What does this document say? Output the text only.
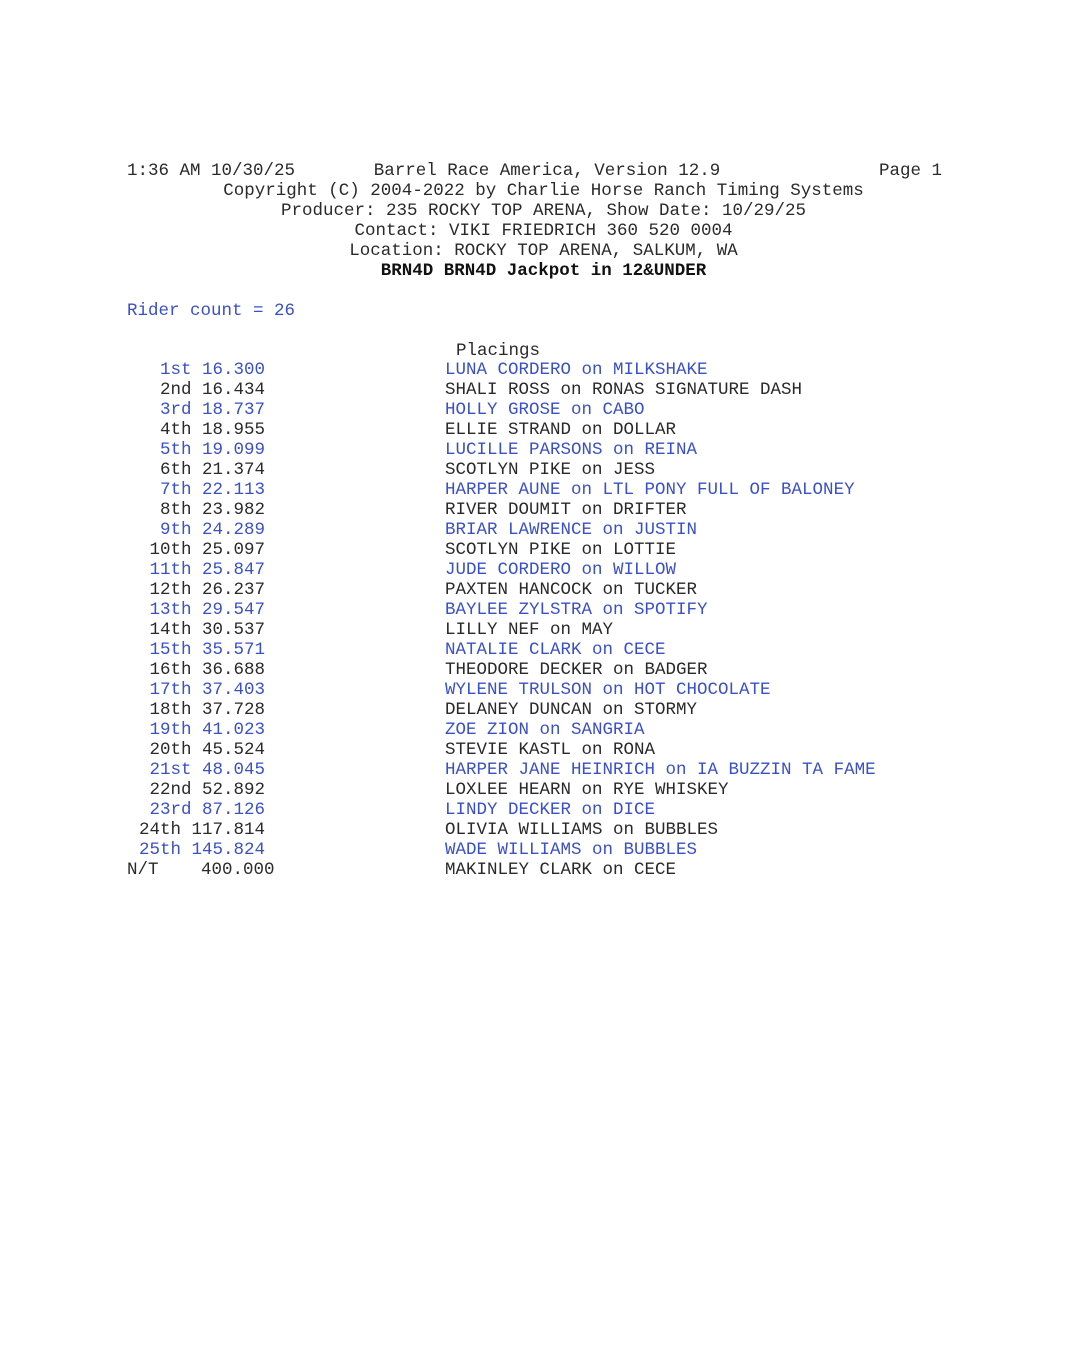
1:36 AM 10/30/25	Page 1
Barrel Race America, Version 12.9
Copyright (C) 2004-2022 by Charlie Horse Ranch Timing Systems
Producer: 235 ROCKY TOP ARENA, Show Date: 10/29/25
Contact: VIKI FRIEDRICH 360 520 0004
Location: ROCKY TOP ARENA, SALKUM, WA
BRN4D BRN4D Jackpot in 12&UNDER
Rider count = 26
Placings
1st 16.300	LUNA CORDERO on MILKSHAKE
2nd 16.434	SHALI ROSS on RONAS SIGNATURE DASH
3rd 18.737	HOLLY GROSE on CABO
4th 18.955	ELLIE STRAND on DOLLAR
5th 19.099	LUCILLE PARSONS on REINA
6th 21.374	SCOTLYN PIKE on JESS
7th 22.113	HARPER AUNE on LTL PONY FULL OF BALONEY
8th 23.982	RIVER DOUMIT on DRIFTER
9th 24.289	BRIAR LAWRENCE on JUSTIN
10th 25.097	SCOTLYN PIKE on LOTTIE
11th 25.847	JUDE CORDERO on WILLOW
12th 26.237	PAXTEN HANCOCK on TUCKER
13th 29.547	BAYLEE ZYLSTRA on SPOTIFY
14th 30.537	LILLY NEF on MAY
15th 35.571	NATALIE CLARK on CECE
16th 36.688	THEODORE DECKER on BADGER
17th 37.403	WYLENE TRULSON on HOT CHOCOLATE
18th 37.728	DELANEY DUNCAN on STORMY
19th 41.023	ZOE ZION on SANGRIA
20th 45.524	STEVIE KASTL on RONA
21st 48.045	HARPER JANE HEINRICH on IA BUZZIN TA FAME
22nd 52.892	LOXLEE HEARN on RYE WHISKEY
23rd 87.126	LINDY DECKER on DICE
24th 117.814	OLIVIA WILLIAMS on BUBBLES
25th 145.824	WADE WILLIAMS on BUBBLES
N/T 400.000	MAKINLEY CLARK on CECE
